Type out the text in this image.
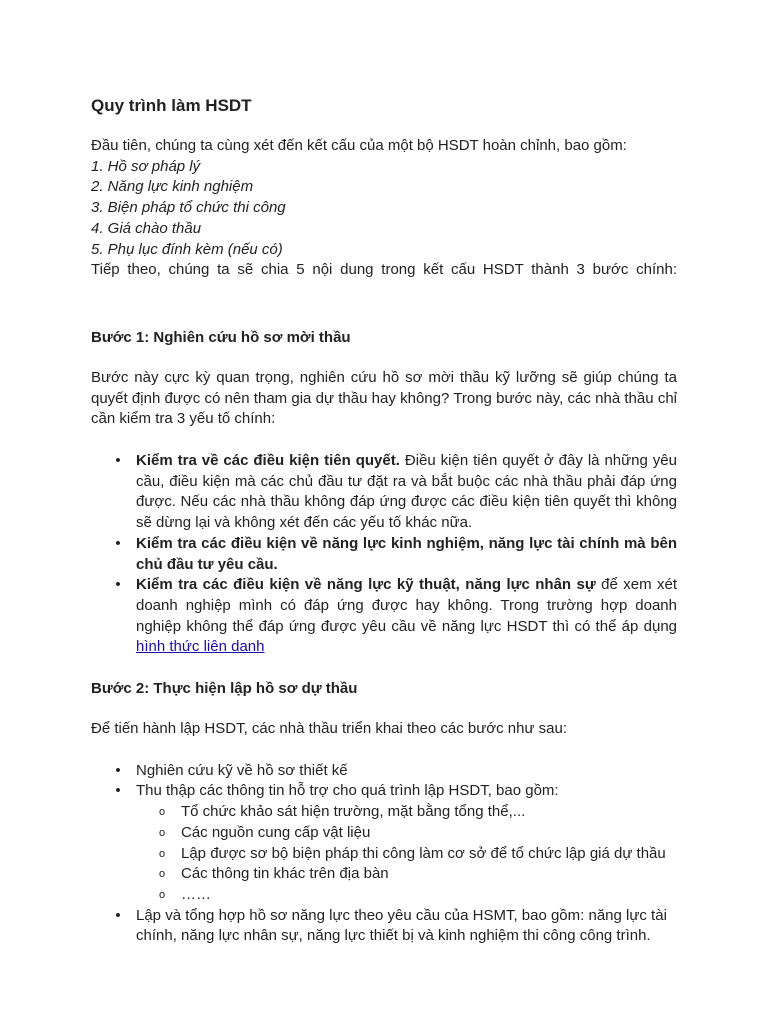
Quy trình làm HSDT

Đầu tiên, chúng ta cùng xét đến kết cấu của một bộ HSDT hoàn chỉnh, bao gồm:

1. Hồ sơ pháp lý

2. Năng lực kinh nghiệm

3. Biện pháp tổ chức thi công

4. Giá chào thầu

5. Phụ lục đính kèm (nếu có)

Tiếp theo, chúng ta sẽ chia 5 nội dung trong kết cấu HSDT thành 3 bước chính:

Bước 1: Nghiên cứu hồ sơ mời thầu

Bước này cực kỳ quan trọng, nghiên cứu hồ sơ mời thầu kỹ lưỡng sẽ giúp chúng ta quyết định được có nên tham gia dự thầu hay không? Trong bước này, các nhà thầu chỉ cần kiểm tra 3 yếu tố chính:

• Kiểm tra về các điều kiện tiên quyết. Điều kiện tiên quyết ở đây là những yêu cầu, điều kiện mà các chủ đầu tư đặt ra và bắt buộc các nhà thầu phải đáp ứng được. Nếu các nhà thầu không đáp ứng được các điều kiện tiên quyết thì không sẽ dừng lại và không xét đến các yếu tố khác nữa.
• Kiểm tra các điều kiện về năng lực kinh nghiệm, năng lực tài chính mà bên chủ đầu tư yêu cầu.
• Kiểm tra các điều kiện về năng lực kỹ thuật, năng lực nhân sự để xem xét doanh nghiệp mình có đáp ứng được hay không. Trong trường hợp doanh nghiệp không thể đáp ứng được yêu cầu về năng lực HSDT thì có thể áp dụng hình thức liên danh
Bước 2: Thực hiện lập hồ sơ dự thầu

Để tiến hành lập HSDT, các nhà thầu triển khai theo các bước như sau:

• Nghiên cứu kỹ về hồ sơ thiết kế
• Thu thập các thông tin hỗ trợ cho quá trình lập HSDT, bao gồm:
o Tổ chức khảo sát hiện trường, mặt bằng tổng thể,...
o Các nguồn cung cấp vật liệu
o Lập được sơ bộ biện pháp thi công làm cơ sở để tổ chức lập giá dự thầu
o Các thông tin khác trên địa bàn
o ……
• Lập và tổng hợp hồ sơ năng lực theo yêu cầu của HSMT, bao gồm: năng lực tài chính, năng lực nhân sự, năng lực thiết bị và kinh nghiệm thi công công trình.
